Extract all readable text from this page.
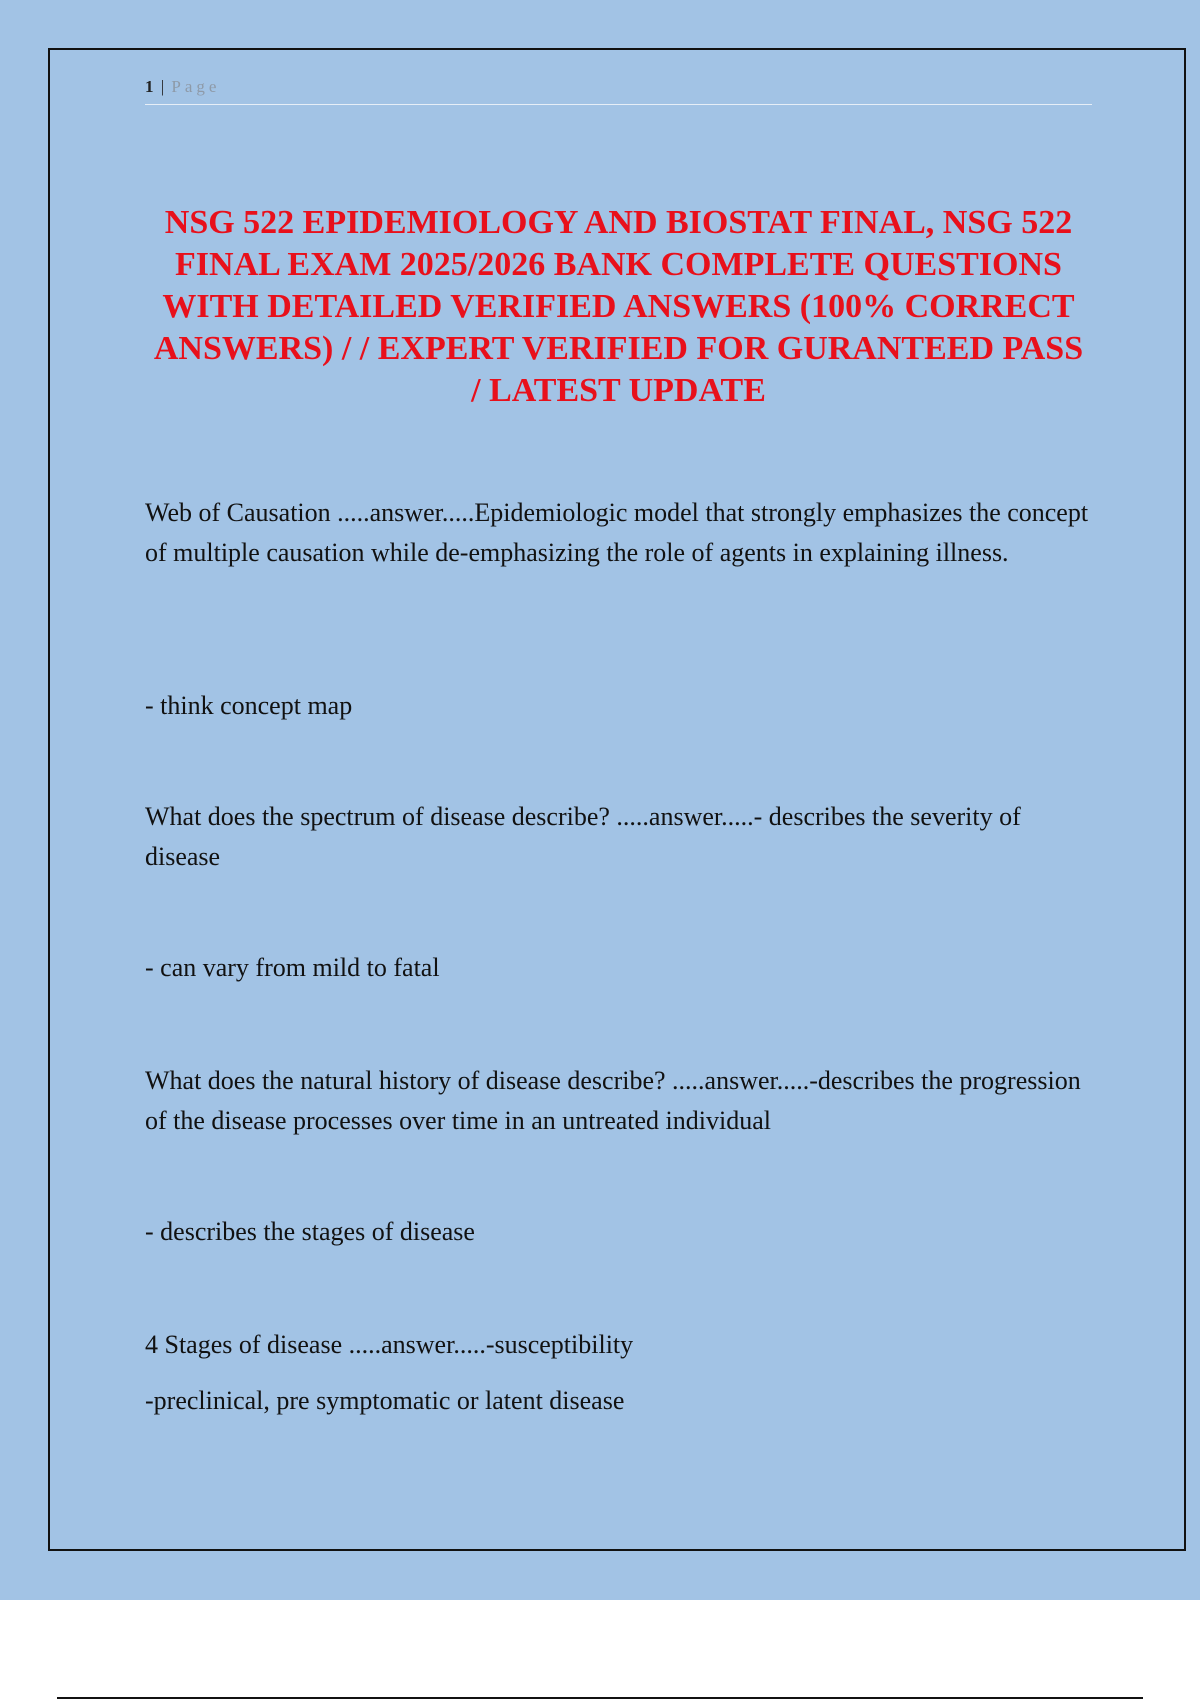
1 | Page
NSG 522 EPIDEMIOLOGY AND BIOSTAT FINAL, NSG 522 FINAL EXAM 2025/2026 BANK COMPLETE QUESTIONS WITH DETAILED VERIFIED ANSWERS (100% CORRECT ANSWERS) / / EXPERT VERIFIED FOR GURANTEED PASS / LATEST UPDATE

Web of Causation .....answer.....Epidemiologic model that strongly emphasizes the concept of multiple causation while de-emphasizing the role of agents in explaining illness.

- think concept map

What does the spectrum of disease describe? .....answer.....- describes the severity of disease

- can vary from mild to fatal

What does the natural history of disease describe? .....answer.....-describes the progression of the disease processes over time in an untreated individual

- describes the stages of disease

4 Stages of disease .....answer.....-susceptibility

-preclinical, pre symptomatic or latent disease
